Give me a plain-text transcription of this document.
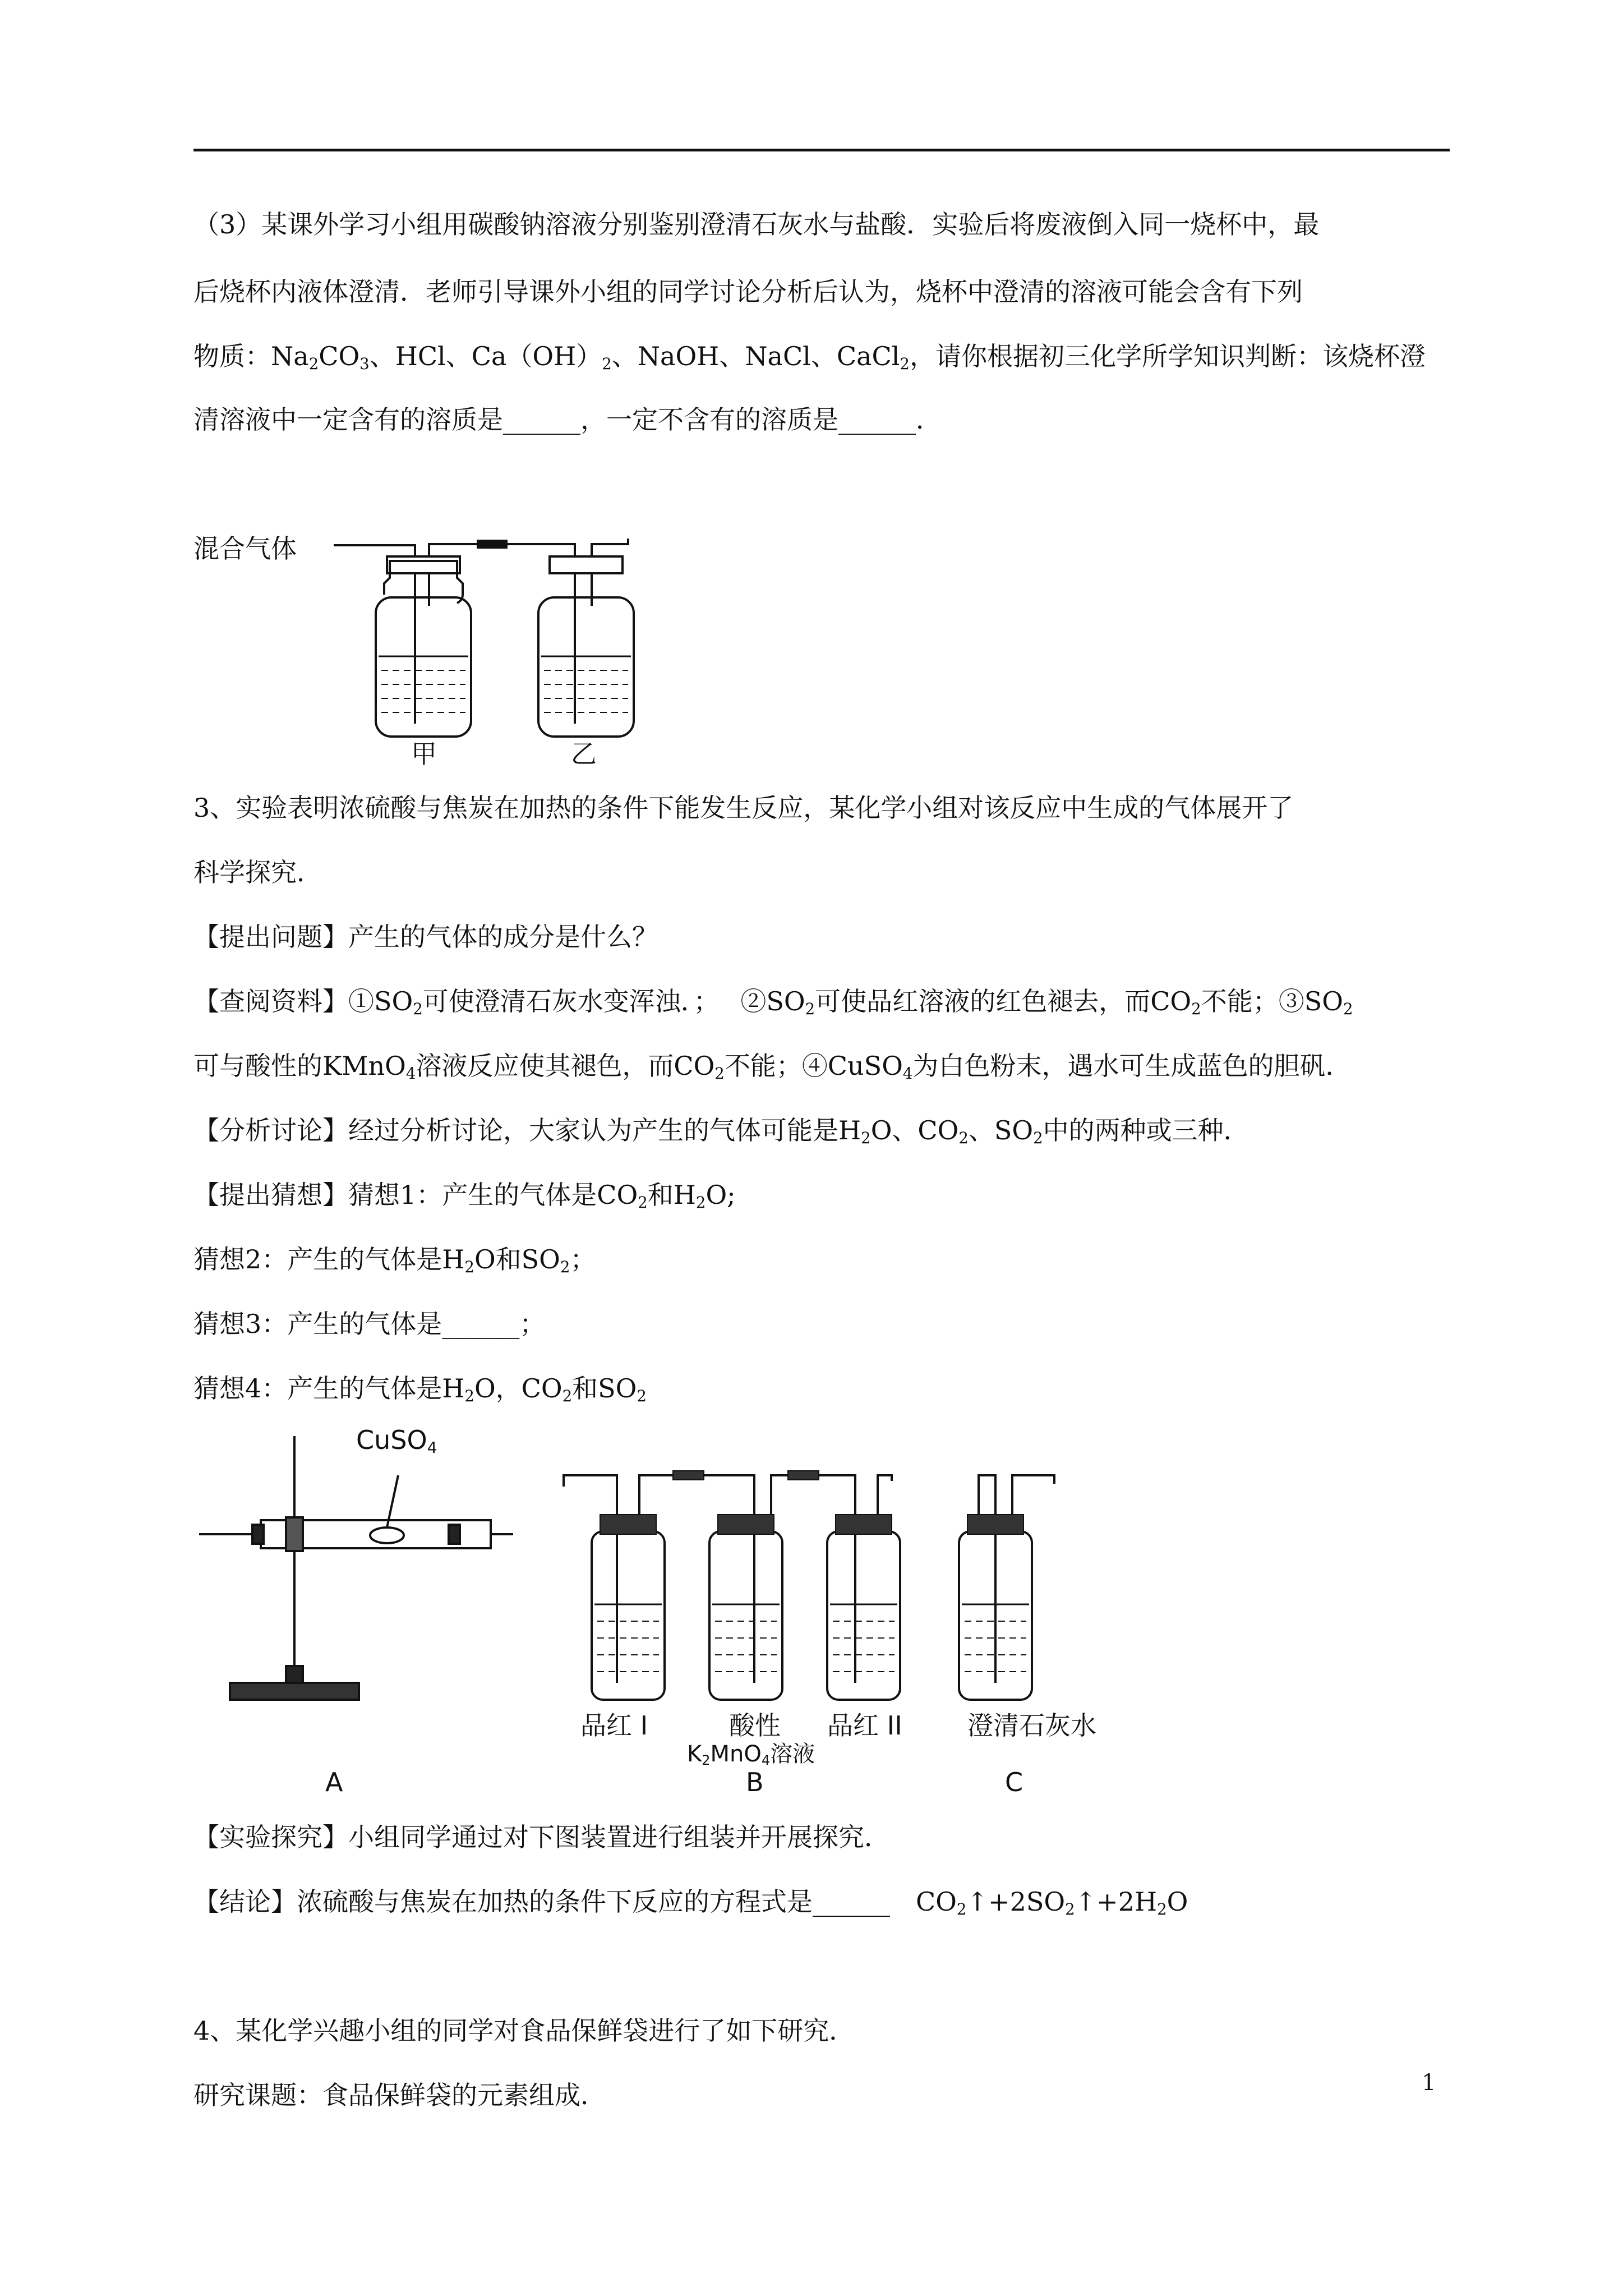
（3）某课外学习小组用碳酸钠溶液分别鉴别澄清石灰水与盐酸．实验后将废液倒入同一烧杯中，最
后烧杯内液体澄清．老师引导课外小组的同学讨论分析后认为，烧杯中澄清的溶液可能会含有下列
物质：$Na_2CO_3$、HCl、$Ca(OH)_2$、NaOH、NaCl、CaCl$_2$，请你根据初三化学所学知识判断：该烧杯澄
清溶液中一定含有的溶质是______，一定不含有的溶质是______．
混合气体
甲	乙
3、实验表明浓硫酸与焦炭在加热的条件下能发生反应，某化学小组对该反应中生成的气体展开了
科学探究．
【提出问题】产生的气体的成分是什么？
【查阅资料】$①SO_2$可使澄清石灰水变浑浊．；　 $②SO_2$可使品红溶液的红色褪去，而$CO_2$不能；$③SO_2$
可与酸性的KMnO$_4$溶液反应使其褪色，而$CO_2$不能；④CuSO$_4$为白色粉末，遇水可生成蓝色的胆矾．
【分析讨论】经过分析讨论，大家认为产生的气体可能是$H_2O$、$CO_2$、$SO_2$中的两种或三种．
【提出猜想】猜想1：产生的气体是$CO_2$和$H_2O$;
猜想2：产生的气体是$H_2O$和$SO_2$；
猜想3：产生的气体是______；
猜想4：产生的气体是$H_2O$，$CO_2$和$SO_2$
CuSO$_4$
品红 I	酸性
$K_2MnO_4$溶液
品红 II	澄清石灰水
A	B	C
【实验探究】小组同学通过对下图装置进行组装并开展探究．
【结论】浓硫酸与焦炭在加热的条件下反应的方程式是______　$CO_2↑+2SO_2↑+2H_2O$
4、某化学兴趣小组的同学对食品保鲜袋进行了如下研究．
研究课题：食品保鲜袋的元素组成．	1
